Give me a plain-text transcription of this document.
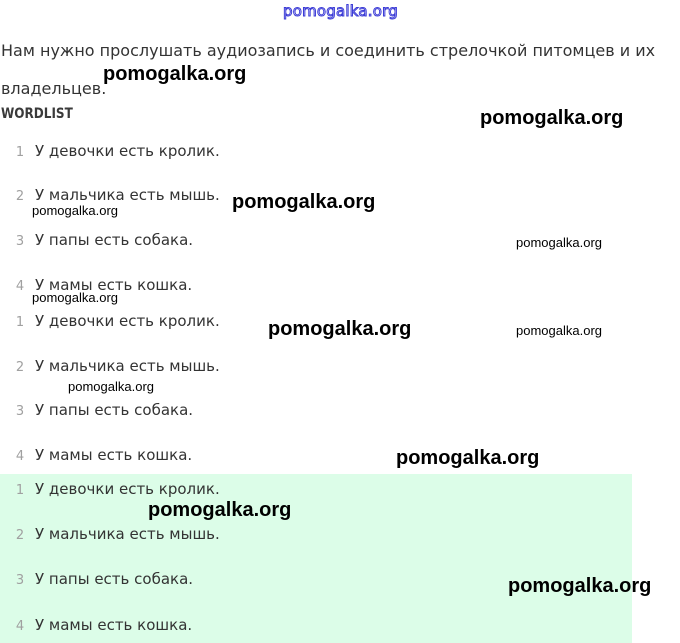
pomogalka.org
Нам нужно прослушать аудиозапись и соединить стрелочкой питомцев и их владельцев.
WORDLIST
1 У девочки есть кролик.
2 У мальчика есть мышь.
3 У папы есть собака.
4 У мамы есть кошка.
1 У девочки есть кролик.
2 У мальчика есть мышь.
3 У папы есть собака.
4 У мамы есть кошка.
1 У девочки есть кролик.
2 У мальчика есть мышь.
3 У папы есть собака.
4 У мамы есть кошка.
pomogalka.org
pomogalka.org
pomogalka.org
pomogalka.org
pomogalka.org
pomogalka.org
pomogalka.org	pomogalka.org
pomogalka.org
pomogalka.org
pomogalka.org
pomogalka.org
